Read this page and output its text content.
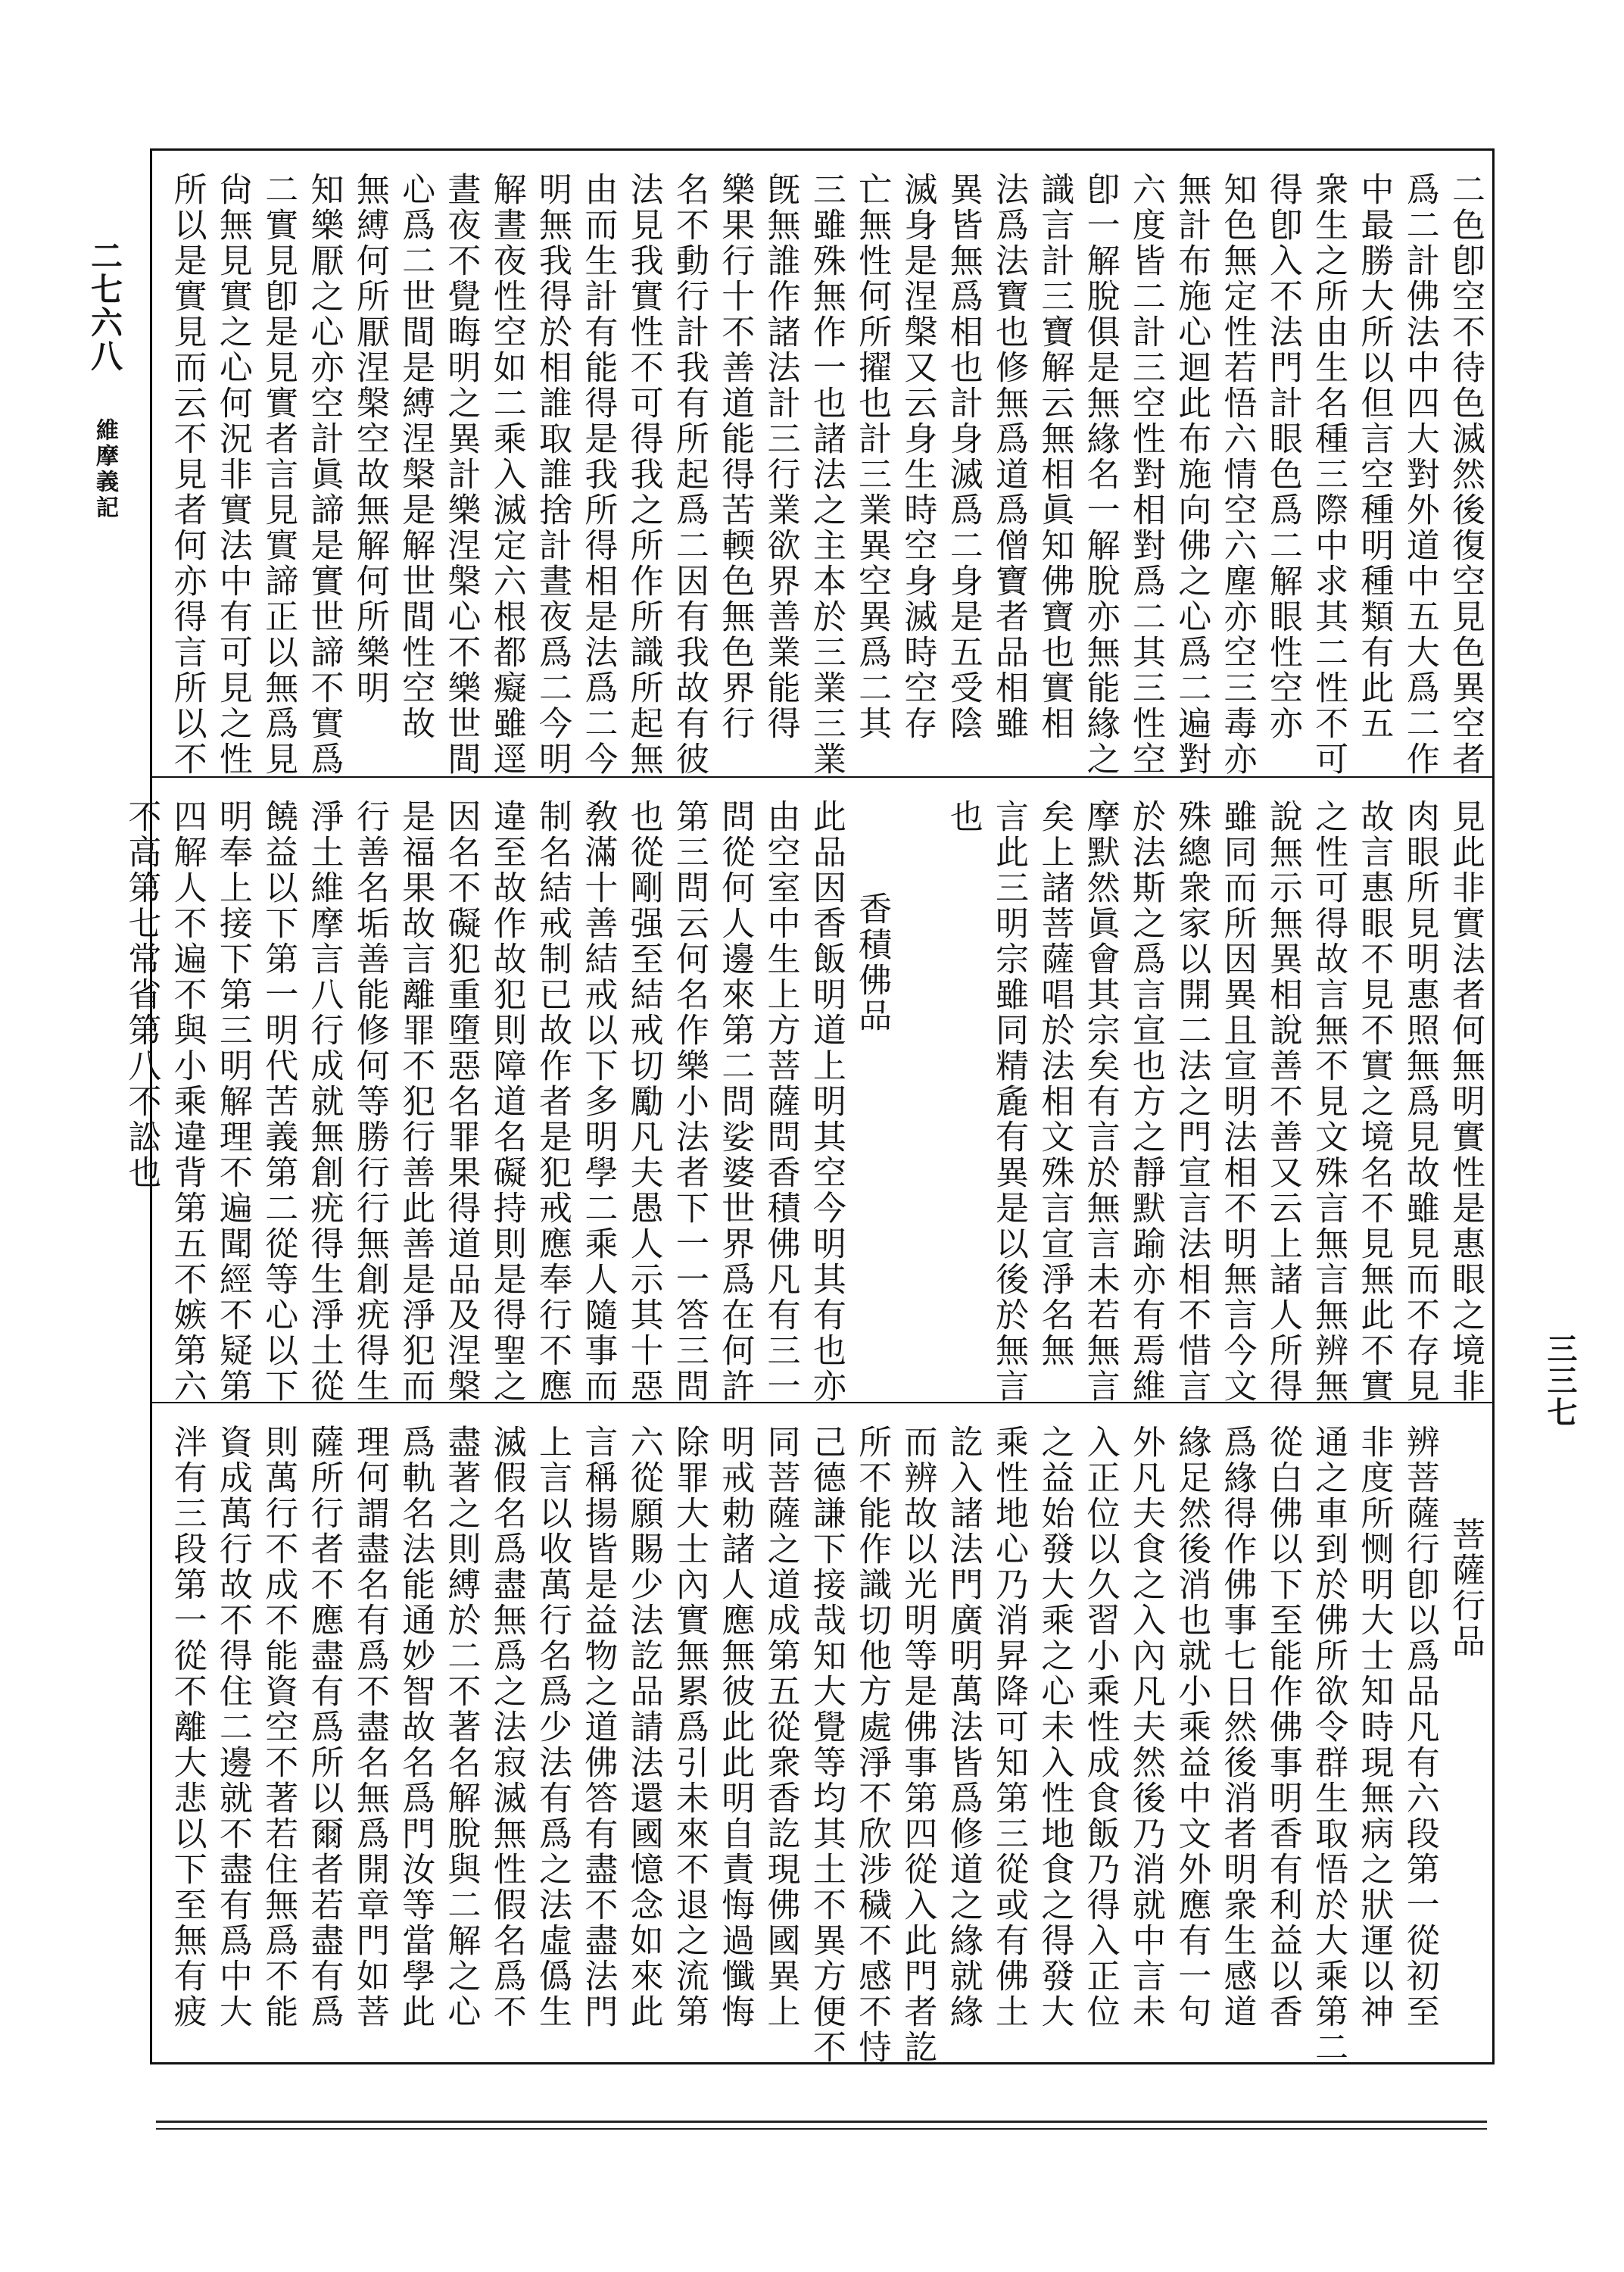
二七六八
維摩義記	二色卽空不待色滅然後復空見色異空者
爲二計佛法中四大對外道中五大爲二作
中最勝大所以但言空種明種類有此五
衆生之所由生名種三際中求其二性不可
得卽入不法門計眼色爲二解眼性空亦
知色無定性若悟六情空六塵亦空三毒亦
無計布施心迴此布施向佛之心爲二遍對
六度皆二計三空性對相對爲二其三性空
卽一解脫俱是無緣名一解脫亦無能緣之
識言計三寶解云無相眞知佛寶也實相
法爲法寶也修無爲道爲僧寶者品相雖
異皆無爲相也計身滅爲二身是五受陰
滅身是涅槃又云身生時空身滅時空存
亡無性何所擢也計三業異空異爲二其
三雖殊無作一也諸法之主本於三業三業
旣無誰作諸法計三行業欲界善業能得
樂果行十不善道能得苦輭色無色界行
名不動行計我有所起爲二因有我故有彼
法見我實性不可得我之所作所識所起無
由而生計有能得是我所得相是法爲二今
明無我得於相誰取誰捨計晝夜爲二今明
解晝夜性空如二乘入滅定六根都癡雖逕
晝夜不覺晦明之異計樂涅槃心不樂世間
心爲二世間是縛涅槃是解世間性空故
無縛何所厭涅槃空故無解何所樂明
知樂厭之心亦空計眞諦是實世諦不實爲
二實見卽是見實者言見實諦正以無爲見
尙無見實之心何況非實法中有可見之性
所以是實見而云不見者何亦得言所以不
見此非實法者何無明實性是惠眼之境非
肉眼所見明惠照無爲見故雖見而不存見
故言惠眼不見不實之境名不見無此不實
之性可得故言無不見文殊言無言無辨無
說無示無異相說善不善又云上諸人所得
雖同而所因異且宣明法相不明無言今文
殊總衆家以開二法之門宣言法相不惜言
於法斯之爲言宣也方之靜默踰亦有焉維
摩默然眞會其宗矣有言於無言未若無言
矣上諸菩薩唱於法相文殊言宣淨名無
言此三明宗雖同精麁有異是以後於無言
也
香積佛品
此品因香飯明道上明其空今明其有也亦
由空室中生上方菩薩問香積佛凡有三一
問從何人邊來第二問娑婆世界爲在何許
第三問云何名作樂小法者下一一答三問
也從剛强至結戒切勵凡夫愚人示其十惡
敎滿十善結戒以下多明學二乘人隨事而
制名結戒制已故作者是犯戒應奉行不應
違至故作故犯則障道名礙持則是得聖之
因名不礙犯重墮惡名罪果得道品及涅槃
是福果故言離罪不犯行善此善是淨犯而
行善名垢善能修何等勝行行無創疣得生
淨土維摩言八行成就無創疣得生淨土從
饒益以下第一明代苦義第二從等心以下
明奉上接下第三明解理不遍聞經不疑第
四解人不遍不與小乘違背第五不嫉第六
不高第七常省第八不訟也
菩薩行品
辨菩薩行卽以爲品凡有六段第一從初至
非度所恻明大士知時現無病之狀運以神
通之車到於佛所欲令群生取悟於大乘第二
從白佛以下至能作佛事明香有利益以香
爲緣得作佛事七日然後消者明衆生感道
緣足然後消也就小乘益中文外應有一句
外凡夫食之入內凡夫然後乃消就中言未
入正位以久習小乘性成食飯乃得入正位
之益始發大乘之心未入性地食之得發大
乘性地心乃消昇降可知第三從或有佛土
訖入諸法門廣明萬法皆爲修道之緣就緣
而辨故以光明等是佛事第四從入此門者訖
所不能作識切他方處淨不欣涉穢不感不恃
己德謙下接哉知大覺等均其土不異方便不
同菩薩之道成第五從衆香訖現佛國異上
明戒勅諸人應無彼此此明自責悔過懺悔
除罪大士內實無累爲引未來不退之流第
六從願賜少法訖品請法還國憶念如來此
言稱揚皆是益物之道佛答有盡不盡法門
上言以收萬行名爲少法有爲之法虛僞生
滅假名爲盡無爲之法寂滅無性假名爲不
盡著之則縛於二不著名解脫與二解之心
爲軌名法能通妙智故名爲門汝等當學此
理何謂盡名有爲不盡名無爲開章門如菩
薩所行者不應盡有爲所以爾者若盡有爲
則萬行不成不能資空不著若住無爲不能
資成萬行故不得住二邊就不盡有爲中大
泮有三段第一從不離大悲以下至無有疲
三三七
